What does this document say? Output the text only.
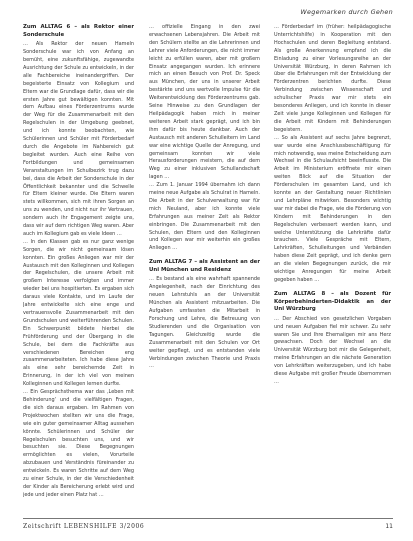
Wegemarken durch Gehen
Zum ALLTAG 6 – als Rektor einer Sonderschule

… Als Rektor der neuen Hameln Sonderschule war ich von Anfang an bemüht, eine zukunftsfähige, zugewandte Ausrichtung der Schule zu entwickeln, in der alle Fachbereiche ineinandergriffen. Der begeisterte Einsatz von Kollegium und Eltern war die Grundlage dafür, dass wir die ersten Jahre gut bewältigen konnten. Mit dem Aufbau eines Förderzentrums wurde der Weg für die Zusammenarbeit mit den Regelschulen in der Umgebung geebnet, und ich konnte beobachten, wie Schülerinnen und Schüler mit Förderbedarf durch die Angebote im Nahbereich gut begleitet wurden. Auch eine Reihe von Fortbildungen und gemeinsamen Veranstaltungen im Schulbezirk trug dazu bei, dass die Arbeit der Sonderschule in der Öffentlichkeit bekannter und die Schwelle für Eltern kleiner wurde. Die Eltern waren stets willkommen, sich mit ihren Sorgen an uns zu wenden, und nicht nur ihr Vertrauen, sondern auch ihr Engagement zeigte uns, dass wir auf dem richtigen Weg waren. Aber auch im Kollegium gab es viele Ideen …

… In den Klassen gab es nur ganz wenige Sorgen, die wir nicht gemeinsam lösen konnten. Ein großes Anliegen war mir der Austausch mit den Kolleginnen und Kollegen der Regelschulen, die unsere Arbeit mit großem Interesse verfolgten und immer wieder bei uns hospitierten. Es ergaben sich daraus viele Kontakte, und im Laufe der Jahre entwickelte sich eine enge und vertrauensvolle Zusammenarbeit mit den Grundschulen und weiterführenden Schulen. Ein Schwerpunkt bildete hierbei die Frühförderung und der Übergang in die Schule, bei dem die Fachkräfte aus verschiedenen Bereichen eng zusammenarbeiteten. Ich habe diese Jahre als eine sehr bereichernde Zeit in Erinnerung, in der ich viel von meinen Kolleginnen und Kollegen lernen durfte.

… Ein Gesprächsthema war das ‚Leben mit Behinderung‘ und die vielfältigen Fragen, die sich daraus ergaben. Im Rahmen von Projektwochen stellten wir uns die Frage, wie ein guter gemeinsamer Alltag aussehen könnte. Schülerinnen und Schüler der Regelschulen besuchten uns, und wir besuchten sie. Diese Begegnungen ermöglichten es vielen, Vorurteile abzubauen und Verständnis füreinander zu entwickeln. Es waren Schritte auf dem Weg zu einer Schule, in der die Verschiedenheit der Kinder als Bereicherung erlebt wird und jede und jeder einen Platz hat …

… offizielle Eingang in den zwei erwachsenen Lebensjahren. Die Arbeit mit den Schülern stellte an die Lehrerinnen und Lehrer viele Anforderungen, die nicht immer leicht zu erfüllen waren, aber mit großem Einsatz angegangen wurden. Ich erinnere mich an einen Besuch von Prof. Dr. Speck aus München, der uns in unserer Arbeit bestärkte und uns wertvolle Impulse für die Weiterentwicklung des Förderzentrums gab. Seine Hinweise zu den Grundlagen der Heilpädagogik haben mich in meiner weiteren Arbeit stark geprägt, und ich bin ihm dafür bis heute dankbar. Auch der Austausch mit anderen Schulleitern im Land war eine wichtige Quelle der Anregung, und gemeinsam konnten wir viele Herausforderungen meistern, die auf dem Weg zu einer inklusiven Schullandschaft lagen …

… Zum 1. Januar 1994 übernahm ich dann meine neue Aufgabe als Schulrat in Hameln. Die Arbeit in der Schulverwaltung war für mich Neuland, aber ich konnte viele Erfahrungen aus meiner Zeit als Rektor einbringen. Die Zusammenarbeit mit den Schulen, den Eltern und den Kolleginnen und Kollegen war mir weiterhin ein großes Anliegen …

Zum ALLTAG 7 – als Assistent an der Uni München und Residenz

… Es bestand als eine wahrhaft spannende Angelegenheit, nach der Einrichtung des neuen Lehrstuhls an der Universität München als Assistent mitzuarbeiten. Die Aufgaben umfassten die Mitarbeit in Forschung und Lehre, die Betreuung von Studierenden und die Organisation von Tagungen. Gleichzeitig wurde die Zusammenarbeit mit den Schulen vor Ort weiter gepflegt, und es entstanden viele Verbindungen zwischen Theorie und Praxis …

… Förderbedarf im (früher: heilpädagogische Unterrichtshilfe) in Kooperation mit den Hochschulen und deren Begleitung entstand. Als große Anerkennung empfand ich die Einladung zu einer Vorlesungsreihe an der Universität Würzburg, in deren Rahmen ich über die Erfahrungen mit der Entwicklung der Förderzentren berichten durfte. Diese Verbindung zwischen Wissenschaft und schulischer Praxis war mir stets ein besonderes Anliegen, und ich konnte in dieser Zeit viele junge Kolleginnen und Kollegen für die Arbeit mit Kindern mit Behinderungen begeistern.

… So als Assistent auf sechs Jahre begrenzt, war wurde eine Anschlussbeschäftigung für mich notwendig, was meine Entscheidung zum Wechsel in die Schulaufsicht beeinflusste. Die Arbeit im Ministerium eröffnete mir einen weiten Blick auf die Situation der Förderschulen im gesamten Land, und ich konnte an der Gestaltung neuer Richtlinien und Lehrpläne mitwirken. Besonders wichtig war mir dabei die Frage, wie die Förderung von Kindern mit Behinderungen in den Regelschulen verbessert werden kann, und welche Unterstützung die Lehrkräfte dafür brauchen. Viele Gespräche mit Eltern, Lehrkräften, Schulleitungen und Verbänden haben diese Zeit geprägt, und ich denke gern an die vielen Begegnungen zurück, die mir wichtige Anregungen für meine Arbeit gegeben haben …

Zum ALLTAG 8 – als Dozent für Körperbehinderten-Didaktik an der Uni Würzburg

… Der Abschied von gesetzlichen Vorgaben und neuen Aufgaben fiel mir schwer. Zu sehr waren Sie und Ihre Ehemaligen mir ans Herz gewachsen. Doch der Wechsel an die Universität Würzburg bot mir die Gelegenheit, meine Erfahrungen an die nächste Generation von Lehrkräften weiterzugeben, und ich habe diese Aufgabe mit großer Freude übernommen …

Zeitschrift LEBENSHILFE 3/2006	11
